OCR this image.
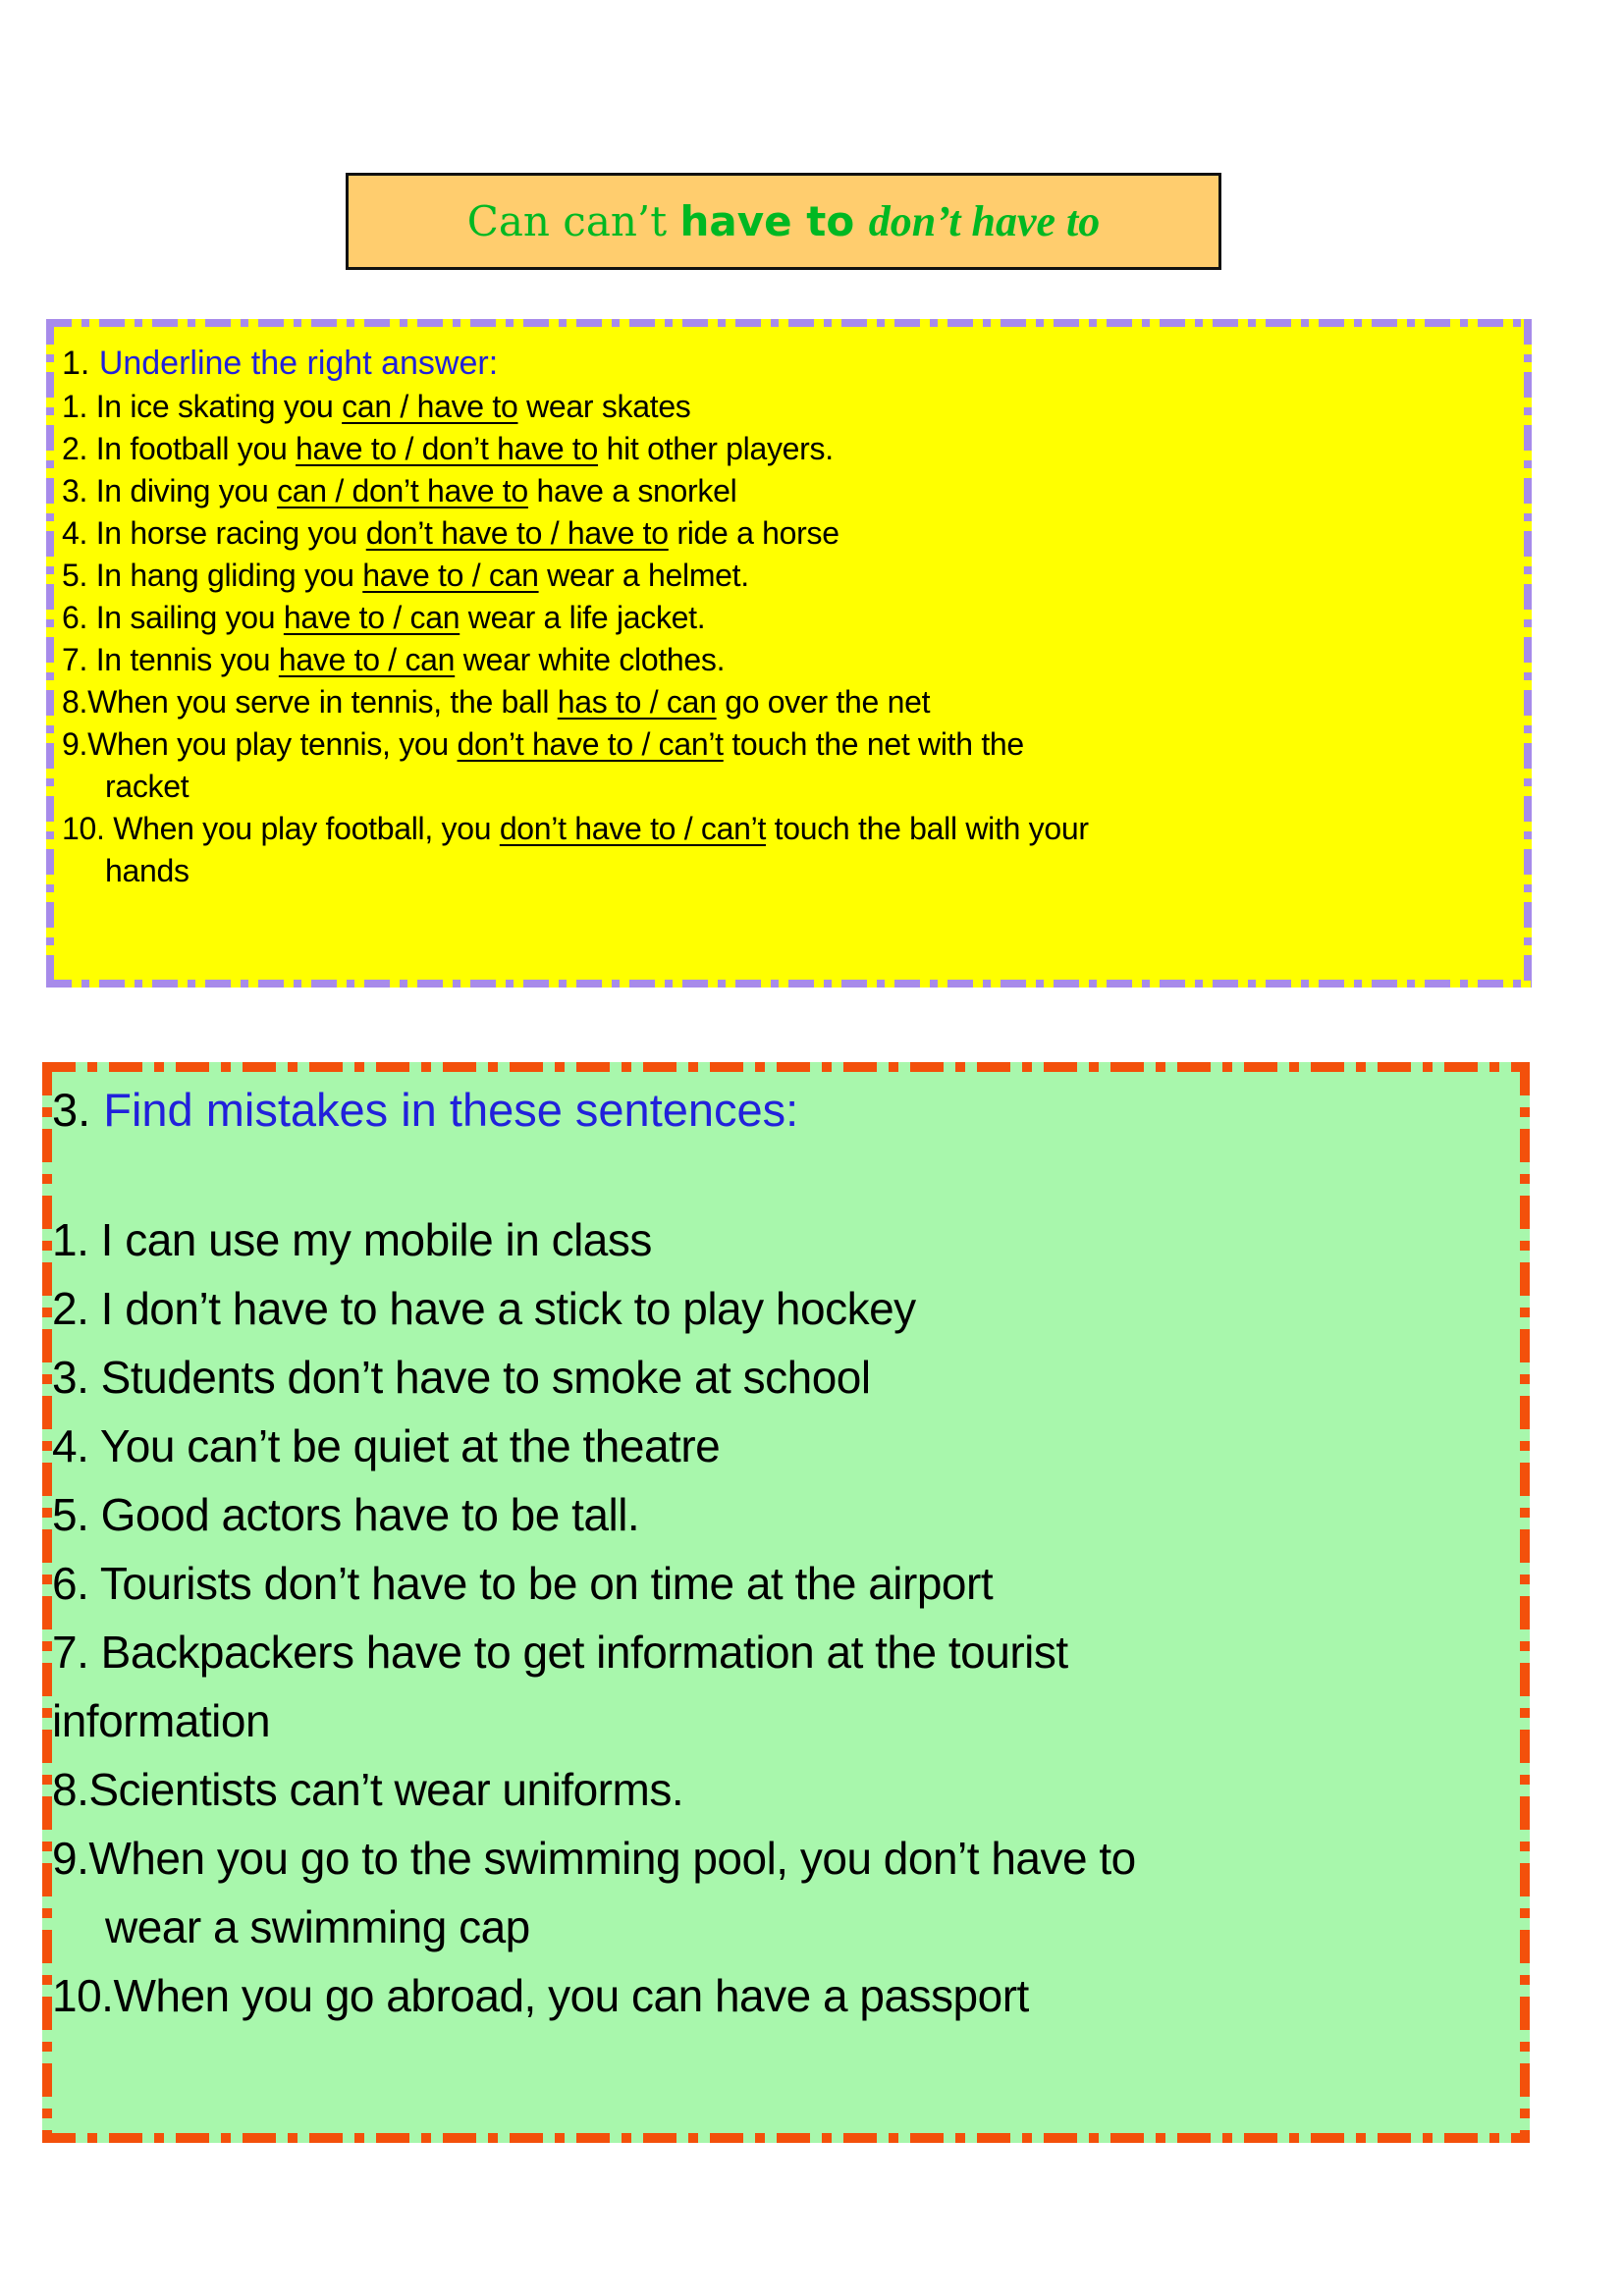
Can can’t have to don’t have to
1. Underline the right answer:
1. In ice skating you can / have to wear skates
2. In football you have to / don’t have to hit other players.
3. In diving you can / don’t have to have a snorkel
4. In horse racing you don’t have to / have to ride a horse
5. In hang gliding you have to / can wear a helmet.
6. In sailing you have to / can wear a life jacket.
7. In tennis you have to / can wear white clothes.
8.When you serve in tennis, the ball has to / can go over the net
9.When you play tennis, you don’t have to / can’t touch the net with the
racket
10. When you play football, you don’t have to / can’t touch the ball with your
hands
3. Find mistakes in these sentences:
1. I can use my mobile in class
2. I don’t have to have a stick to play hockey
3. Students don’t have to smoke at school
4. You can’t be quiet at the theatre
5. Good actors have to be tall.
6. Tourists don’t have to be on time at the airport
7. Backpackers have to get information at the tourist
information
8.Scientists can’t wear uniforms.
9.When you go to the swimming pool, you don’t have to
wear a swimming cap
10.When you go abroad, you can have a passport
